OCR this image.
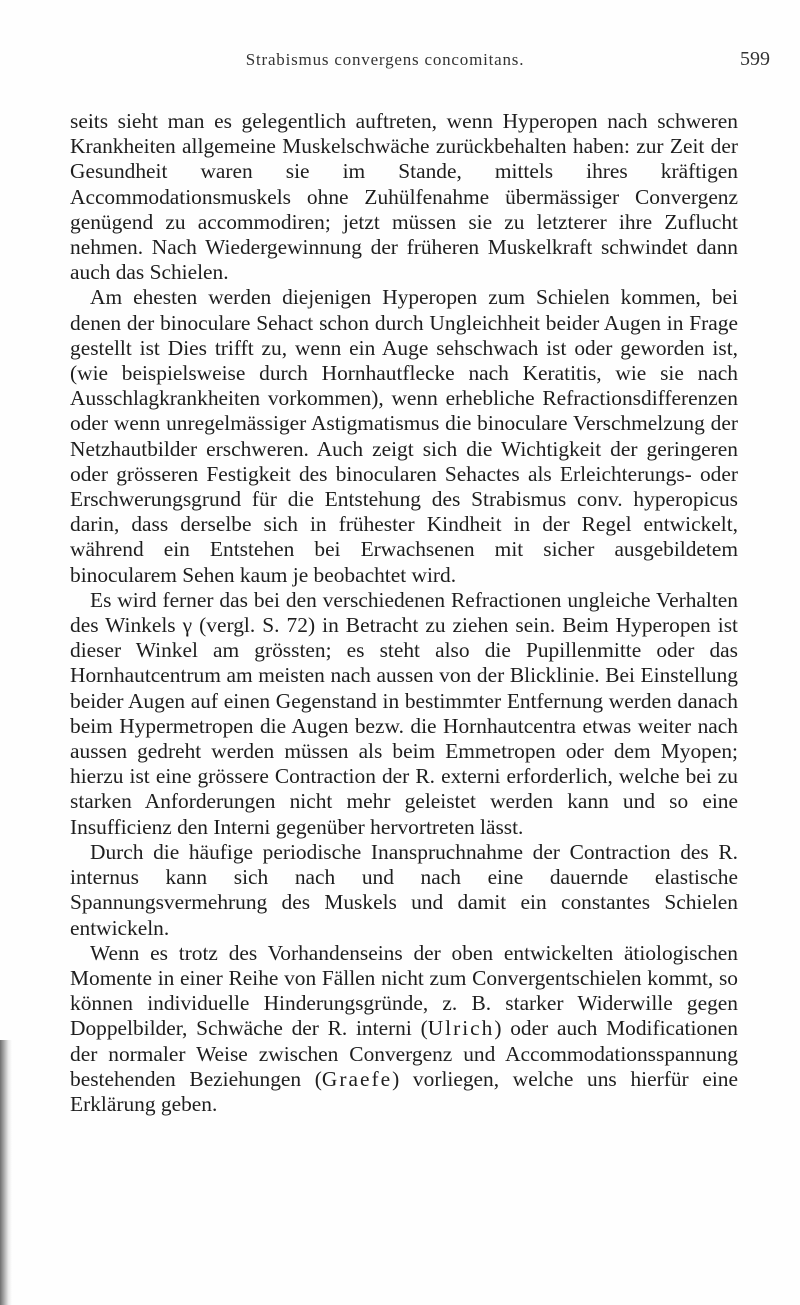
Strabismus convergens concomitans.	599

seits sieht man es gelegentlich auftreten, wenn Hyperopen nach schweren Krankheiten allgemeine Muskelschwäche zurückbehalten haben: zur Zeit der Gesundheit waren sie im Stande, mittels ihres kräftigen Accommodationsmuskels ohne Zuhülfenahme übermässiger Convergenz genügend zu accommodiren; jetzt müssen sie zu letzterer ihre Zuflucht nehmen. Nach Wiedergewinnung der früheren Muskelkraft schwindet dann auch das Schielen.

Am ehesten werden diejenigen Hyperopen zum Schielen kommen, bei denen der binoculare Sehact schon durch Ungleichheit beider Augen in Frage gestellt ist Dies trifft zu, wenn ein Auge sehschwach ist oder geworden ist, (wie beispielsweise durch Hornhautflecke nach Keratitis, wie sie nach Ausschlagkrankheiten vorkommen), wenn erhebliche Refractionsdifferenzen oder wenn unregelmässiger Astigmatismus die binoculare Verschmelzung der Netzhautbilder erschweren. Auch zeigt sich die Wichtigkeit der geringeren oder grösseren Festigkeit des binocularen Sehactes als Erleichterungs- oder Erschwerungsgrund für die Entstehung des Strabismus conv. hyperopicus darin, dass derselbe sich in frühester Kindheit in der Regel entwickelt, während ein Entstehen bei Erwachsenen mit sicher ausgebildetem binocularem Sehen kaum je beobachtet wird.

Es wird ferner das bei den verschiedenen Refractionen ungleiche Verhalten des Winkels γ (vergl. S. 72) in Betracht zu ziehen sein. Beim Hyperopen ist dieser Winkel am grössten; es steht also die Pupillenmitte oder das Hornhautcentrum am meisten nach aussen von der Blicklinie. Bei Einstellung beider Augen auf einen Gegenstand in bestimmter Entfernung werden danach beim Hypermetropen die Augen bezw. die Hornhautcentra etwas weiter nach aussen gedreht werden müssen als beim Emmetropen oder dem Myopen; hierzu ist eine grössere Contraction der R. externi erforderlich, welche bei zu starken Anforderungen nicht mehr geleistet werden kann und so eine Insufficienz den Interni gegenüber hervortreten lässt.

Durch die häufige periodische Inanspruchnahme der Contraction des R. internus kann sich nach und nach eine dauernde elastische Spannungsvermehrung des Muskels und damit ein constantes Schielen entwickeln.

Wenn es trotz des Vorhandenseins der oben entwickelten ätiologischen Momente in einer Reihe von Fällen nicht zum Convergentschielen kommt, so können individuelle Hinderungsgründe, z. B. starker Widerwille gegen Doppelbilder, Schwäche der R. interni (Ulrich) oder auch Modificationen der normaler Weise zwischen Convergenz und Accommodationsspannung bestehenden Beziehungen (Graefe) vorliegen, welche uns hierfür eine Erklärung geben.
